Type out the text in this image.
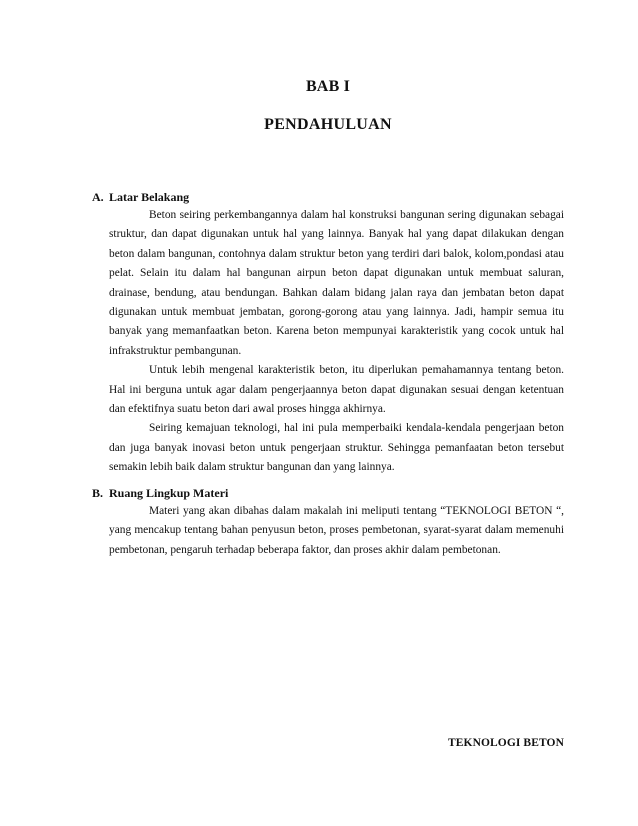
BAB I
PENDAHULUAN
A. Latar Belakang

Beton seiring perkembangannya dalam hal konstruksi bangunan sering digunakan sebagai struktur, dan dapat digunakan untuk hal yang lainnya. Banyak hal yang dapat dilakukan dengan beton dalam bangunan, contohnya dalam struktur beton yang terdiri dari balok, kolom,pondasi atau pelat. Selain itu dalam hal bangunan airpun beton dapat digunakan untuk membuat saluran, drainase, bendung, atau bendungan. Bahkan dalam bidang jalan raya dan jembatan beton dapat digunakan untuk membuat jembatan, gorong-gorong atau yang lainnya. Jadi, hampir semua itu banyak yang memanfaatkan beton. Karena beton mempunyai karakteristik yang cocok untuk hal infrakstruktur pembangunan.

Untuk lebih mengenal karakteristik beton, itu diperlukan pemahamannya tentang beton. Hal ini berguna untuk agar dalam pengerjaannya beton dapat digunakan sesuai dengan ketentuan dan efektifnya suatu beton dari awal proses hingga akhirnya.

Seiring kemajuan teknologi, hal ini pula memperbaiki kendala-kendala pengerjaan beton dan juga banyak inovasi beton untuk pengerjaan struktur. Sehingga pemanfaatan beton tersebut semakin lebih baik dalam struktur bangunan dan yang lainnya.

B. Ruang Lingkup Materi

Materi yang akan dibahas dalam makalah ini meliputi tentang “TEKNOLOGI BETON “, yang mencakup tentang bahan penyusun beton, proses pembetonan, syarat-syarat dalam memenuhi pembetonan, pengaruh terhadap beberapa faktor, dan proses akhir dalam pembetonan.

TEKNOLOGI BETON
